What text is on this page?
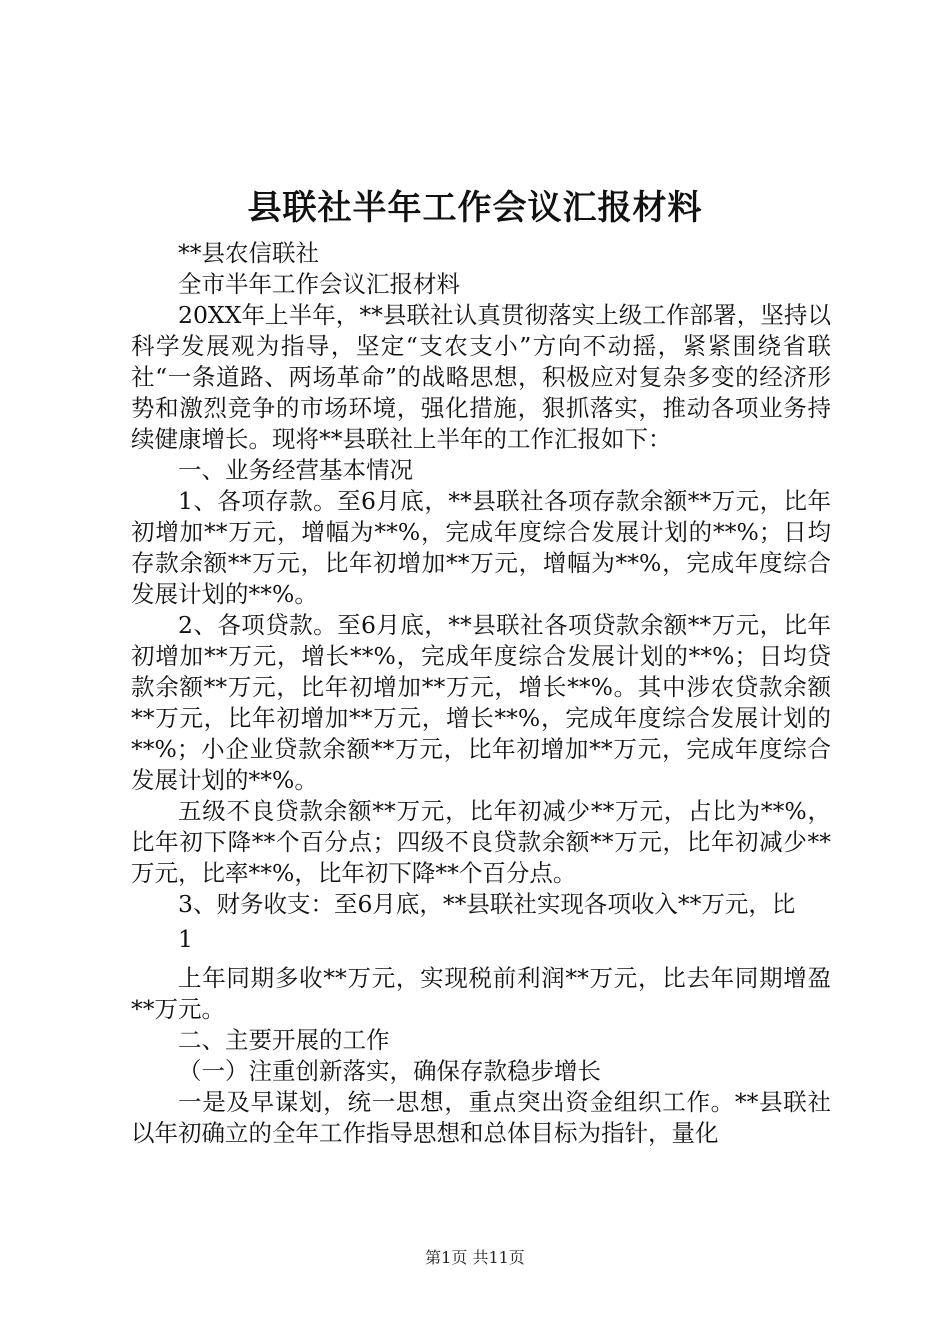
县联社半年工作会议汇报材料

**县农信联社

全市半年工作会议汇报材料

20XX年上半年，**县联社认真贯彻落实上级工作部署，坚持以科学发展观为指导，坚定“支农支小”方向不动摇，紧紧围绕省联社“一条道路、两场革命”的战略思想，积极应对复杂多变的经济形势和激烈竞争的市场环境，强化措施，狠抓落实，推动各项业务持续健康增长。现将**县联社上半年的工作汇报如下：

一、业务经营基本情况

1、各项存款。至6月底，**县联社各项存款余额**万元，比年初增加**万元，增幅为**%，完成年度综合发展计划的**%；日均存款余额**万元，比年初增加**万元，增幅为**%，完成年度综合发展计划的**%。

2、各项贷款。至6月底，**县联社各项贷款余额**万元，比年初增加**万元，增长**%，完成年度综合发展计划的**%；日均贷款余额**万元，比年初增加**万元，增长**%。其中涉农贷款余额**万元，比年初增加**万元，增长**%，完成年度综合发展计划的**%；小企业贷款余额**万元，比年初增加**万元，完成年度综合发展计划的**%。

五级不良贷款余额**万元，比年初减少**万元，占比为**%，比年初下降**个百分点；四级不良贷款余额**万元，比年初减少**万元，比率**%，比年初下降**个百分点。

3、财务收支：至6月底，**县联社实现各项收入**万元，比

1

上年同期多收**万元，实现税前利润**万元，比去年同期增盈**万元。

二、主要开展的工作

（一）注重创新落实，确保存款稳步增长

一是及早谋划，统一思想，重点突出资金组织工作。**县联社以年初确立的全年工作指导思想和总体目标为指针，量化

第1页 共11页
